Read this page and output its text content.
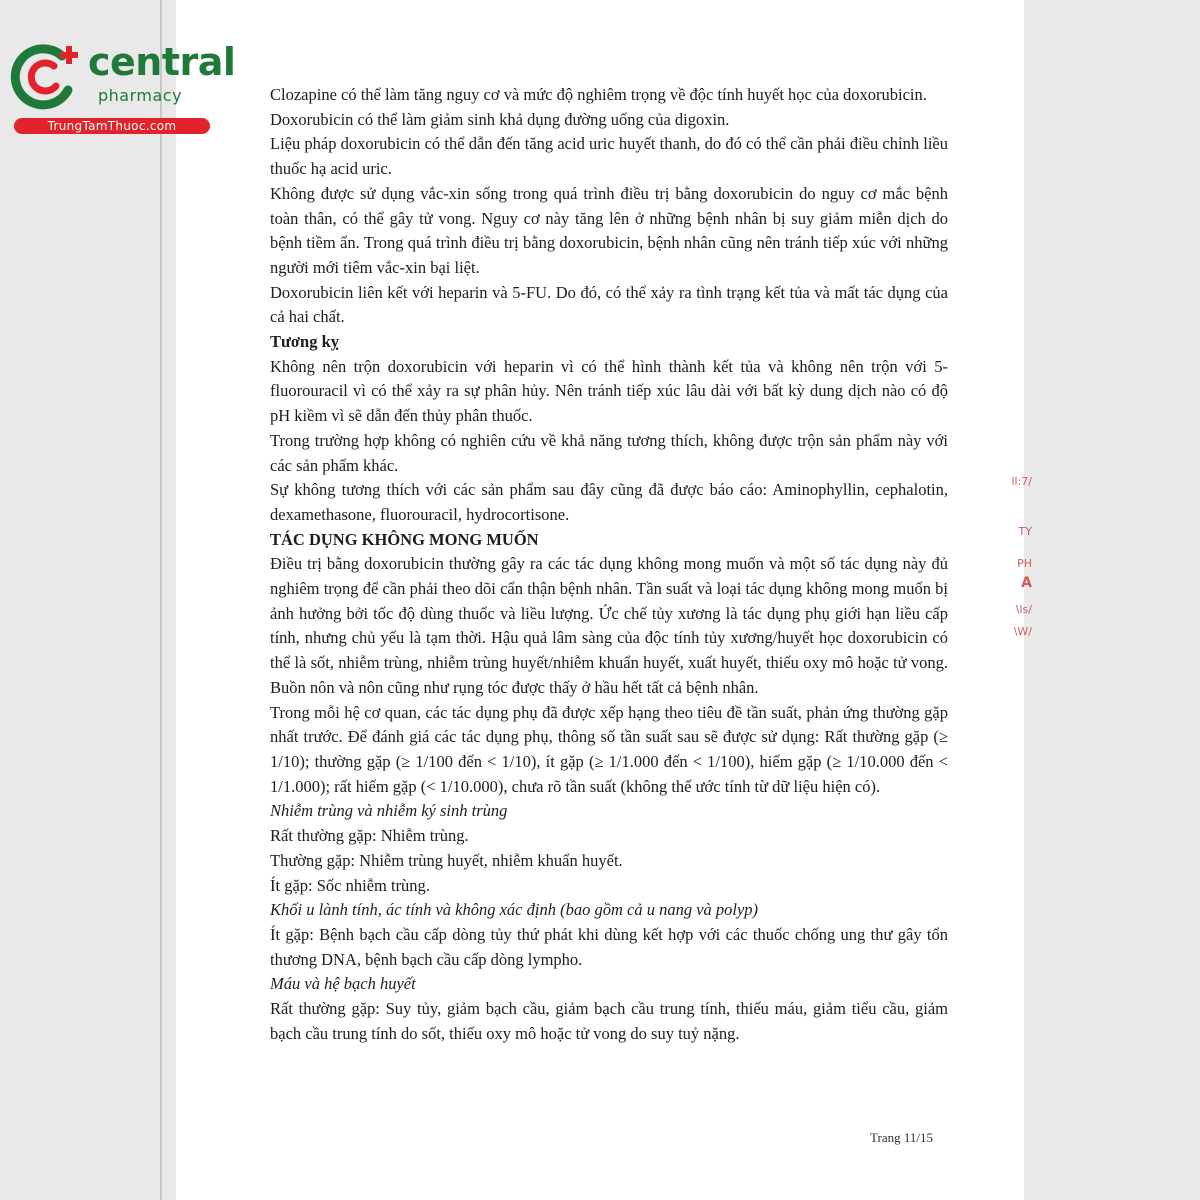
central
pharmacy
TrungTamThuoc.com

Clozapine có thể làm tăng nguy cơ và mức độ nghiêm trọng về độc tính huyết học của doxorubicin.

Doxorubicin có thể làm giảm sinh khả dụng đường uống của digoxin.

Liệu pháp doxorubicin có thể dẫn đến tăng acid uric huyết thanh, do đó có thể cần phải điều chỉnh liều thuốc hạ acid uric.

Không được sử dụng vắc-xin sống trong quá trình điều trị bằng doxorubicin do nguy cơ mắc bệnh toàn thân, có thể gây tử vong. Nguy cơ này tăng lên ở những bệnh nhân bị suy giảm miễn dịch do bệnh tiềm ẩn. Trong quá trình điều trị bằng doxorubicin, bệnh nhân cũng nên tránh tiếp xúc với những người mới tiêm vắc-xin bại liệt.

Doxorubicin liên kết với heparin và 5-FU. Do đó, có thể xảy ra tình trạng kết tủa và mất tác dụng của cả hai chất.

Tương kỵ

Không nên trộn doxorubicin với heparin vì có thể hình thành kết tủa và không nên trộn với 5-fluorouracil vì có thể xảy ra sự phân hủy. Nên tránh tiếp xúc lâu dài với bất kỳ dung dịch nào có độ pH kiềm vì sẽ dẫn đến thủy phân thuốc.

Trong trường hợp không có nghiên cứu về khả năng tương thích, không được trộn sản phẩm này với các sản phẩm khác.

Sự không tương thích với các sản phẩm sau đây cũng đã được báo cáo: Aminophyllin, cephalotin, dexamethasone, fluorouracil, hydrocortisone.

TÁC DỤNG KHÔNG MONG MUỐN

Điều trị bằng doxorubicin thường gây ra các tác dụng không mong muốn và một số tác dụng này đủ nghiêm trọng để cần phải theo dõi cẩn thận bệnh nhân. Tần suất và loại tác dụng không mong muốn bị ảnh hưởng bởi tốc độ dùng thuốc và liều lượng. Ức chế tủy xương là tác dụng phụ giới hạn liều cấp tính, nhưng chủ yếu là tạm thời. Hậu quả lâm sàng của độc tính tủy xương/huyết học doxorubicin có thể là sốt, nhiễm trùng, nhiễm trùng huyết/nhiễm khuẩn huyết, xuất huyết, thiếu oxy mô hoặc tử vong. Buồn nôn và nôn cũng như rụng tóc được thấy ở hầu hết tất cả bệnh nhân.

Trong mỗi hệ cơ quan, các tác dụng phụ đã được xếp hạng theo tiêu đề tần suất, phản ứng thường gặp nhất trước. Để đánh giá các tác dụng phụ, thông số tần suất sau sẽ được sử dụng: Rất thường gặp (≥ 1/10); thường gặp (≥ 1/100 đến < 1/10), ít gặp (≥ 1/1.000 đến < 1/100), hiếm gặp (≥ 1/10.000 đến < 1/1.000); rất hiếm gặp (< 1/10.000), chưa rõ tần suất (không thể ước tính từ dữ liệu hiện có).

Nhiễm trùng và nhiễm ký sinh trùng

Rất thường gặp: Nhiễm trùng.

Thường gặp: Nhiễm trùng huyết, nhiễm khuẩn huyết.

Ít gặp: Sốc nhiễm trùng.

Khối u lành tính, ác tính và không xác định (bao gồm cả u nang và polyp)

Ít gặp: Bệnh bạch cầu cấp dòng tủy thứ phát khi dùng kết hợp với các thuốc chống ung thư gây tổn thương DNA, bệnh bạch cầu cấp dòng lympho.

Máu và hệ bạch huyết

Rất thường gặp: Suy tủy, giảm bạch cầu, giảm bạch cầu trung tính, thiếu máu, giảm tiểu cầu, giảm bạch cầu trung tính do sốt, thiếu oxy mô hoặc tử vong do suy tuỷ nặng.

Trang 11/15
ll:7/
TY
PH
A
\ls/
\W/
